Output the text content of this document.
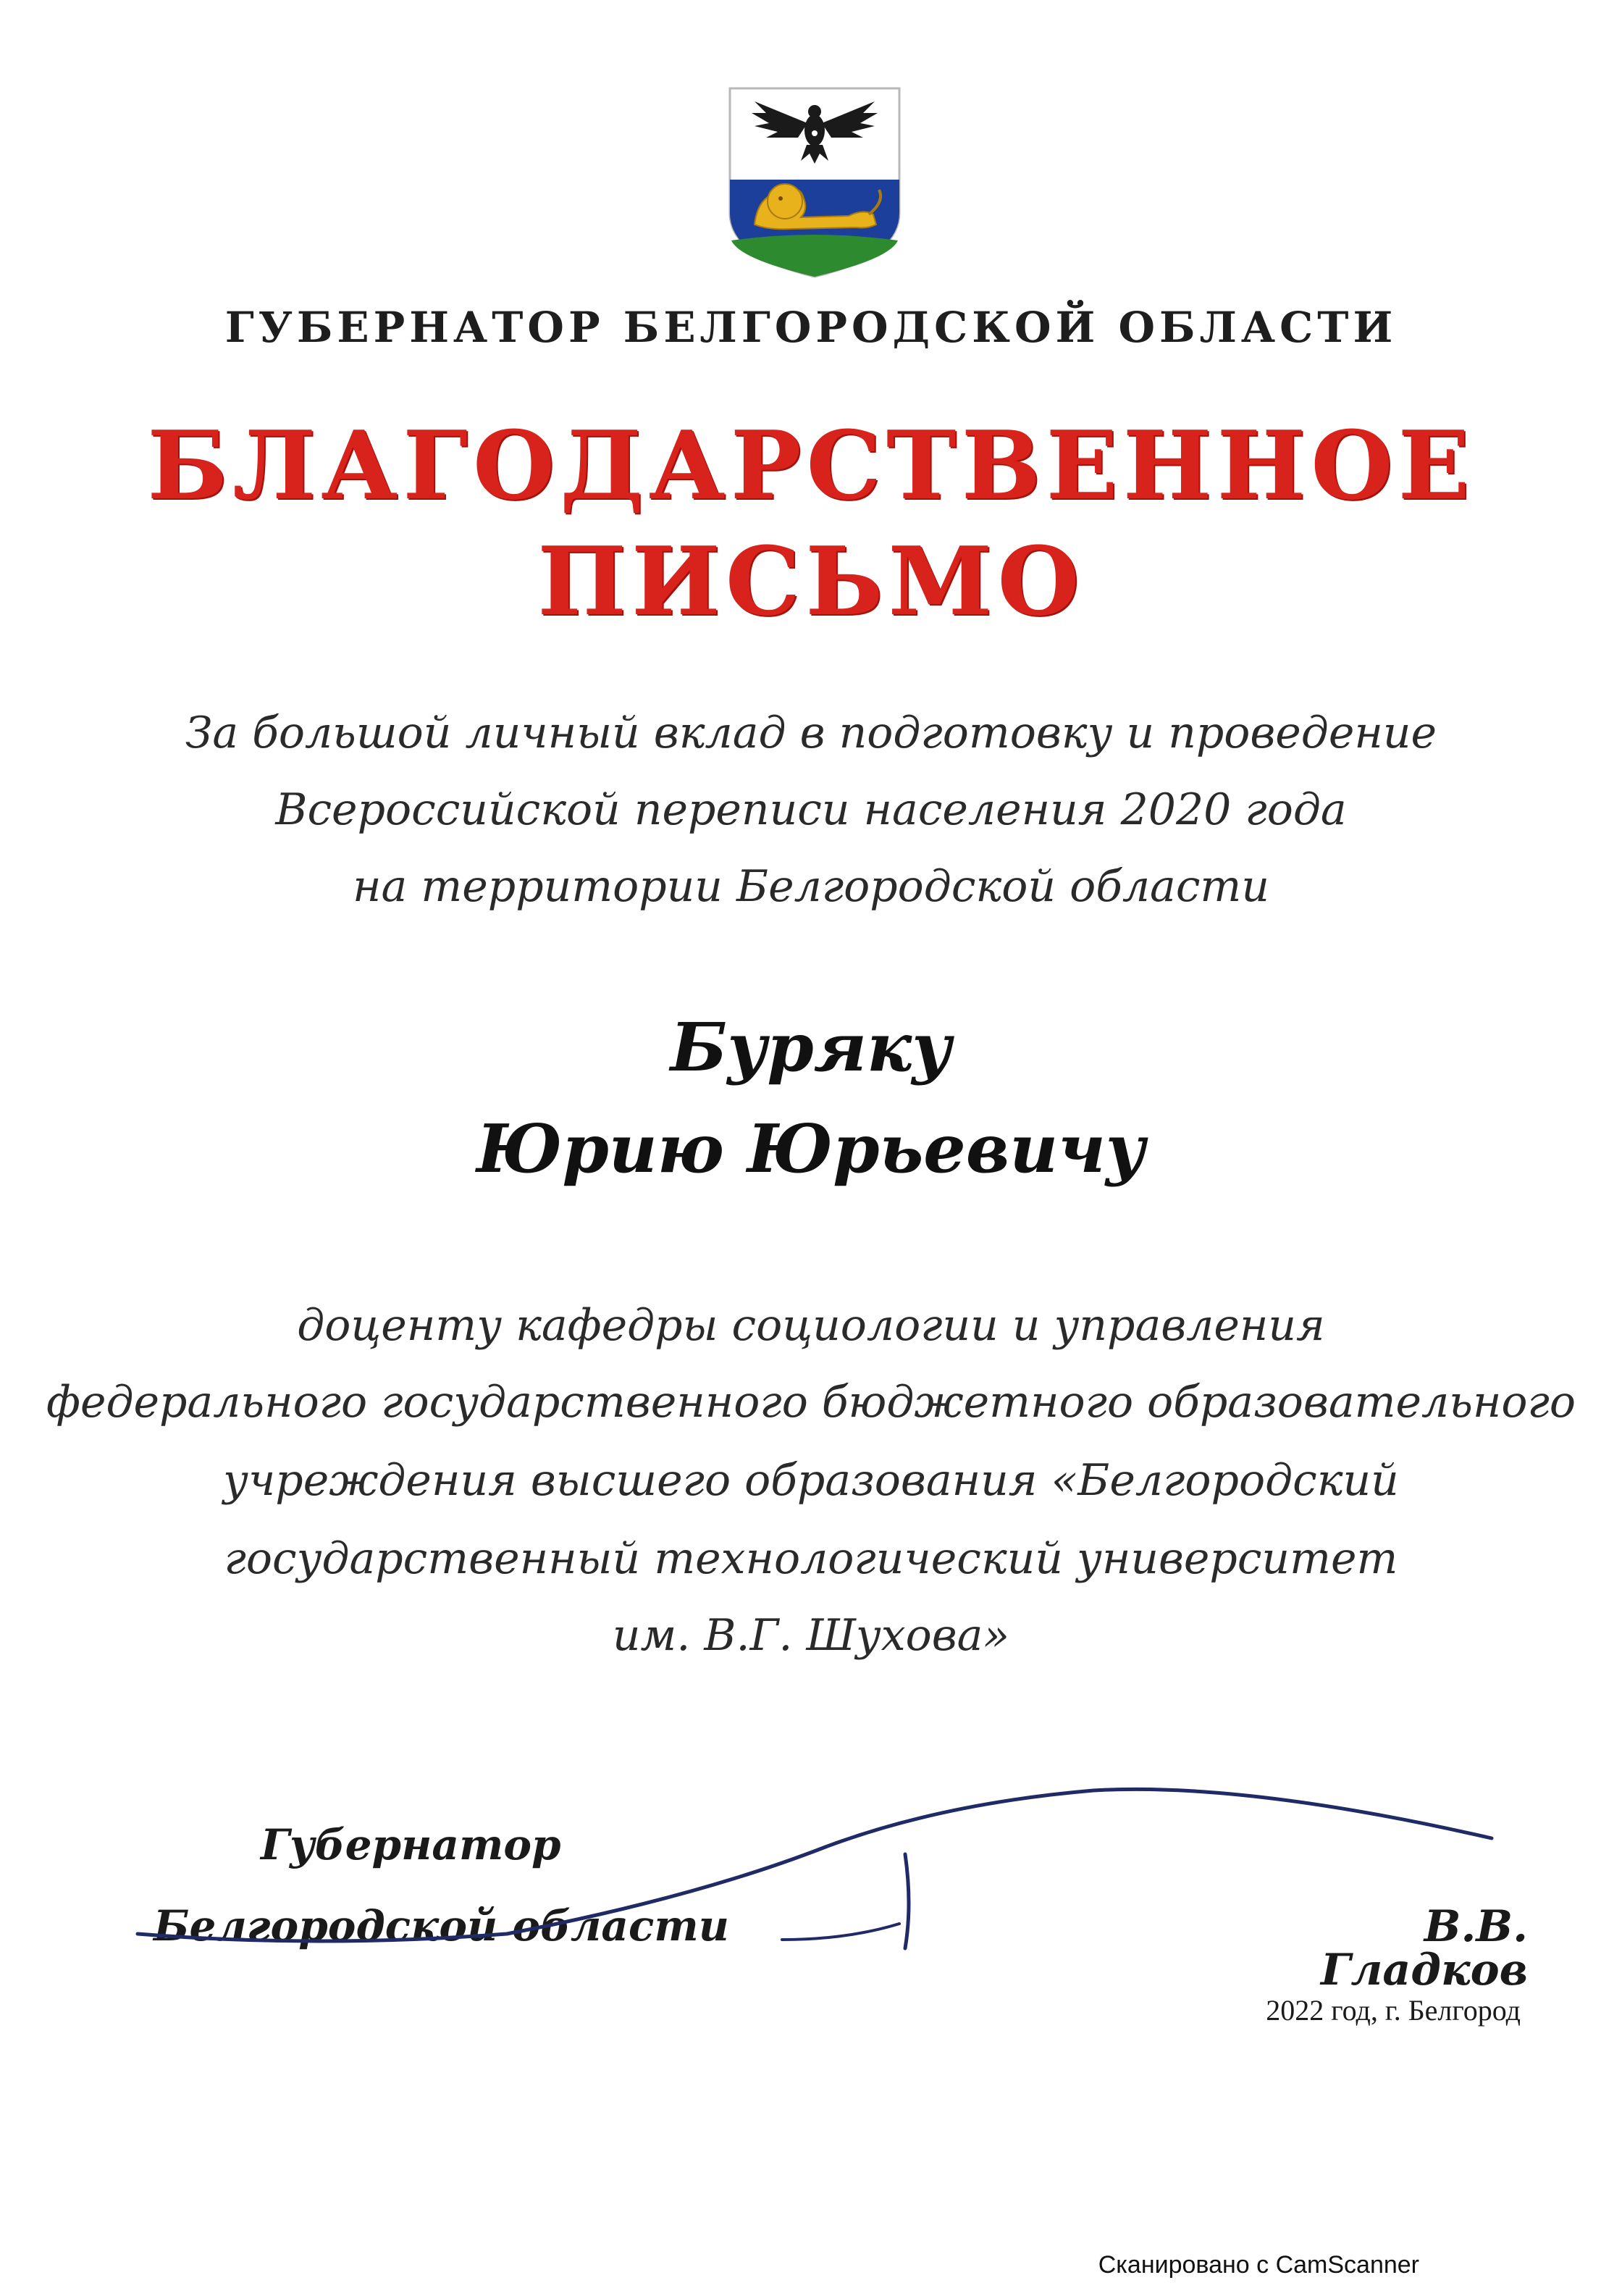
ГУБЕРНАТОР БЕЛГОРОДСКОЙ ОБЛАСТИ
БЛАГОДАРСТВЕННОЕ
ПИСЬМО
За большой личный вклад в подготовку и проведение
Всероссийской переписи населения 2020 года
на территории Белгородской области
Буряку
Юрию Юрьевичу
доценту кафедры социологии и управления
федерального государственного бюджетного образовательного
учреждения высшего образования «Белгородский
государственный технологический университет
им. В.Г. Шухова»
Губернатор
Белгородской области	В.В. Гладков
2022 год, г. Белгород
Сканировано с CamScanner
